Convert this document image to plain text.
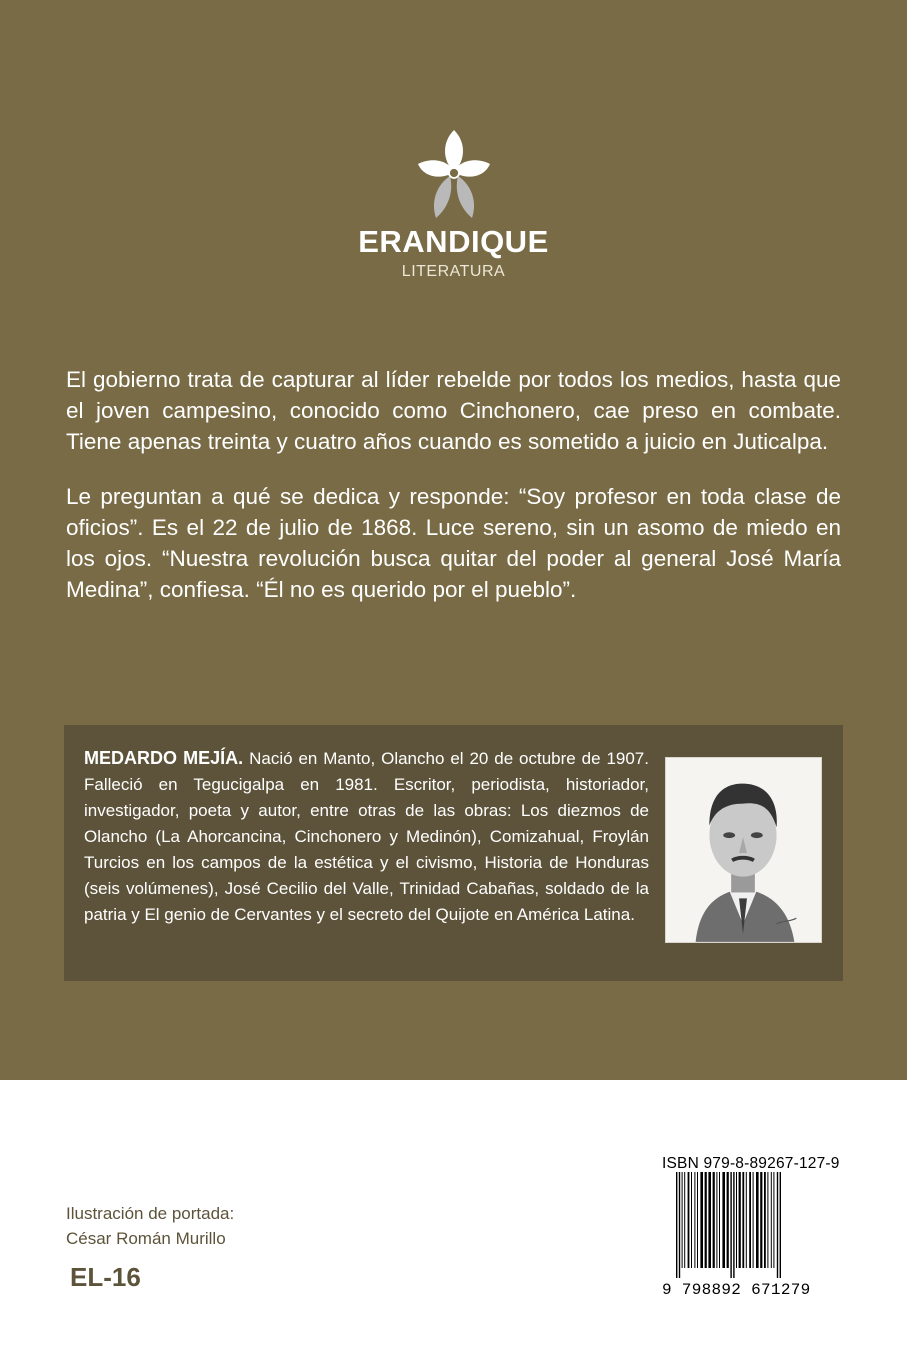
ERANDIQUE
LITERATURA

El gobierno trata de capturar al líder rebelde por todos los medios, hasta que el joven campesino, conocido como Cinchonero, cae preso en combate. Tiene apenas treinta y cuatro años cuando es sometido a juicio en Juticalpa.

Le preguntan a qué se dedica y responde: “Soy profesor en toda clase de oficios”. Es el 22 de julio de 1868. Luce sereno, sin un asomo de miedo en los ojos. “Nuestra revolución busca quitar del poder al general José María Medina”, confiesa. “Él no es querido por el pueblo”.

MEDARDO MEJÍA. Nació en Manto, Olancho el 20 de octubre de 1907. Falleció en Tegucigalpa en 1981. Escritor, periodista, historiador, investigador, poeta y autor, entre otras de las obras: Los diezmos de Olancho (La Ahorcancina, Cinchonero y Medinón), Comizahual, Froylán Turcios en los campos de la estética y el civismo, Historia de Honduras (seis volúmenes), José Cecilio del Valle, Trinidad Cabañas, soldado de la patria y El genio de Cervantes y el secreto del Quijote en América Latina.
Ilustración de portada:
César Román Murillo
EL-16
ISBN 979-8-89267-127-9
9 798892 671279
